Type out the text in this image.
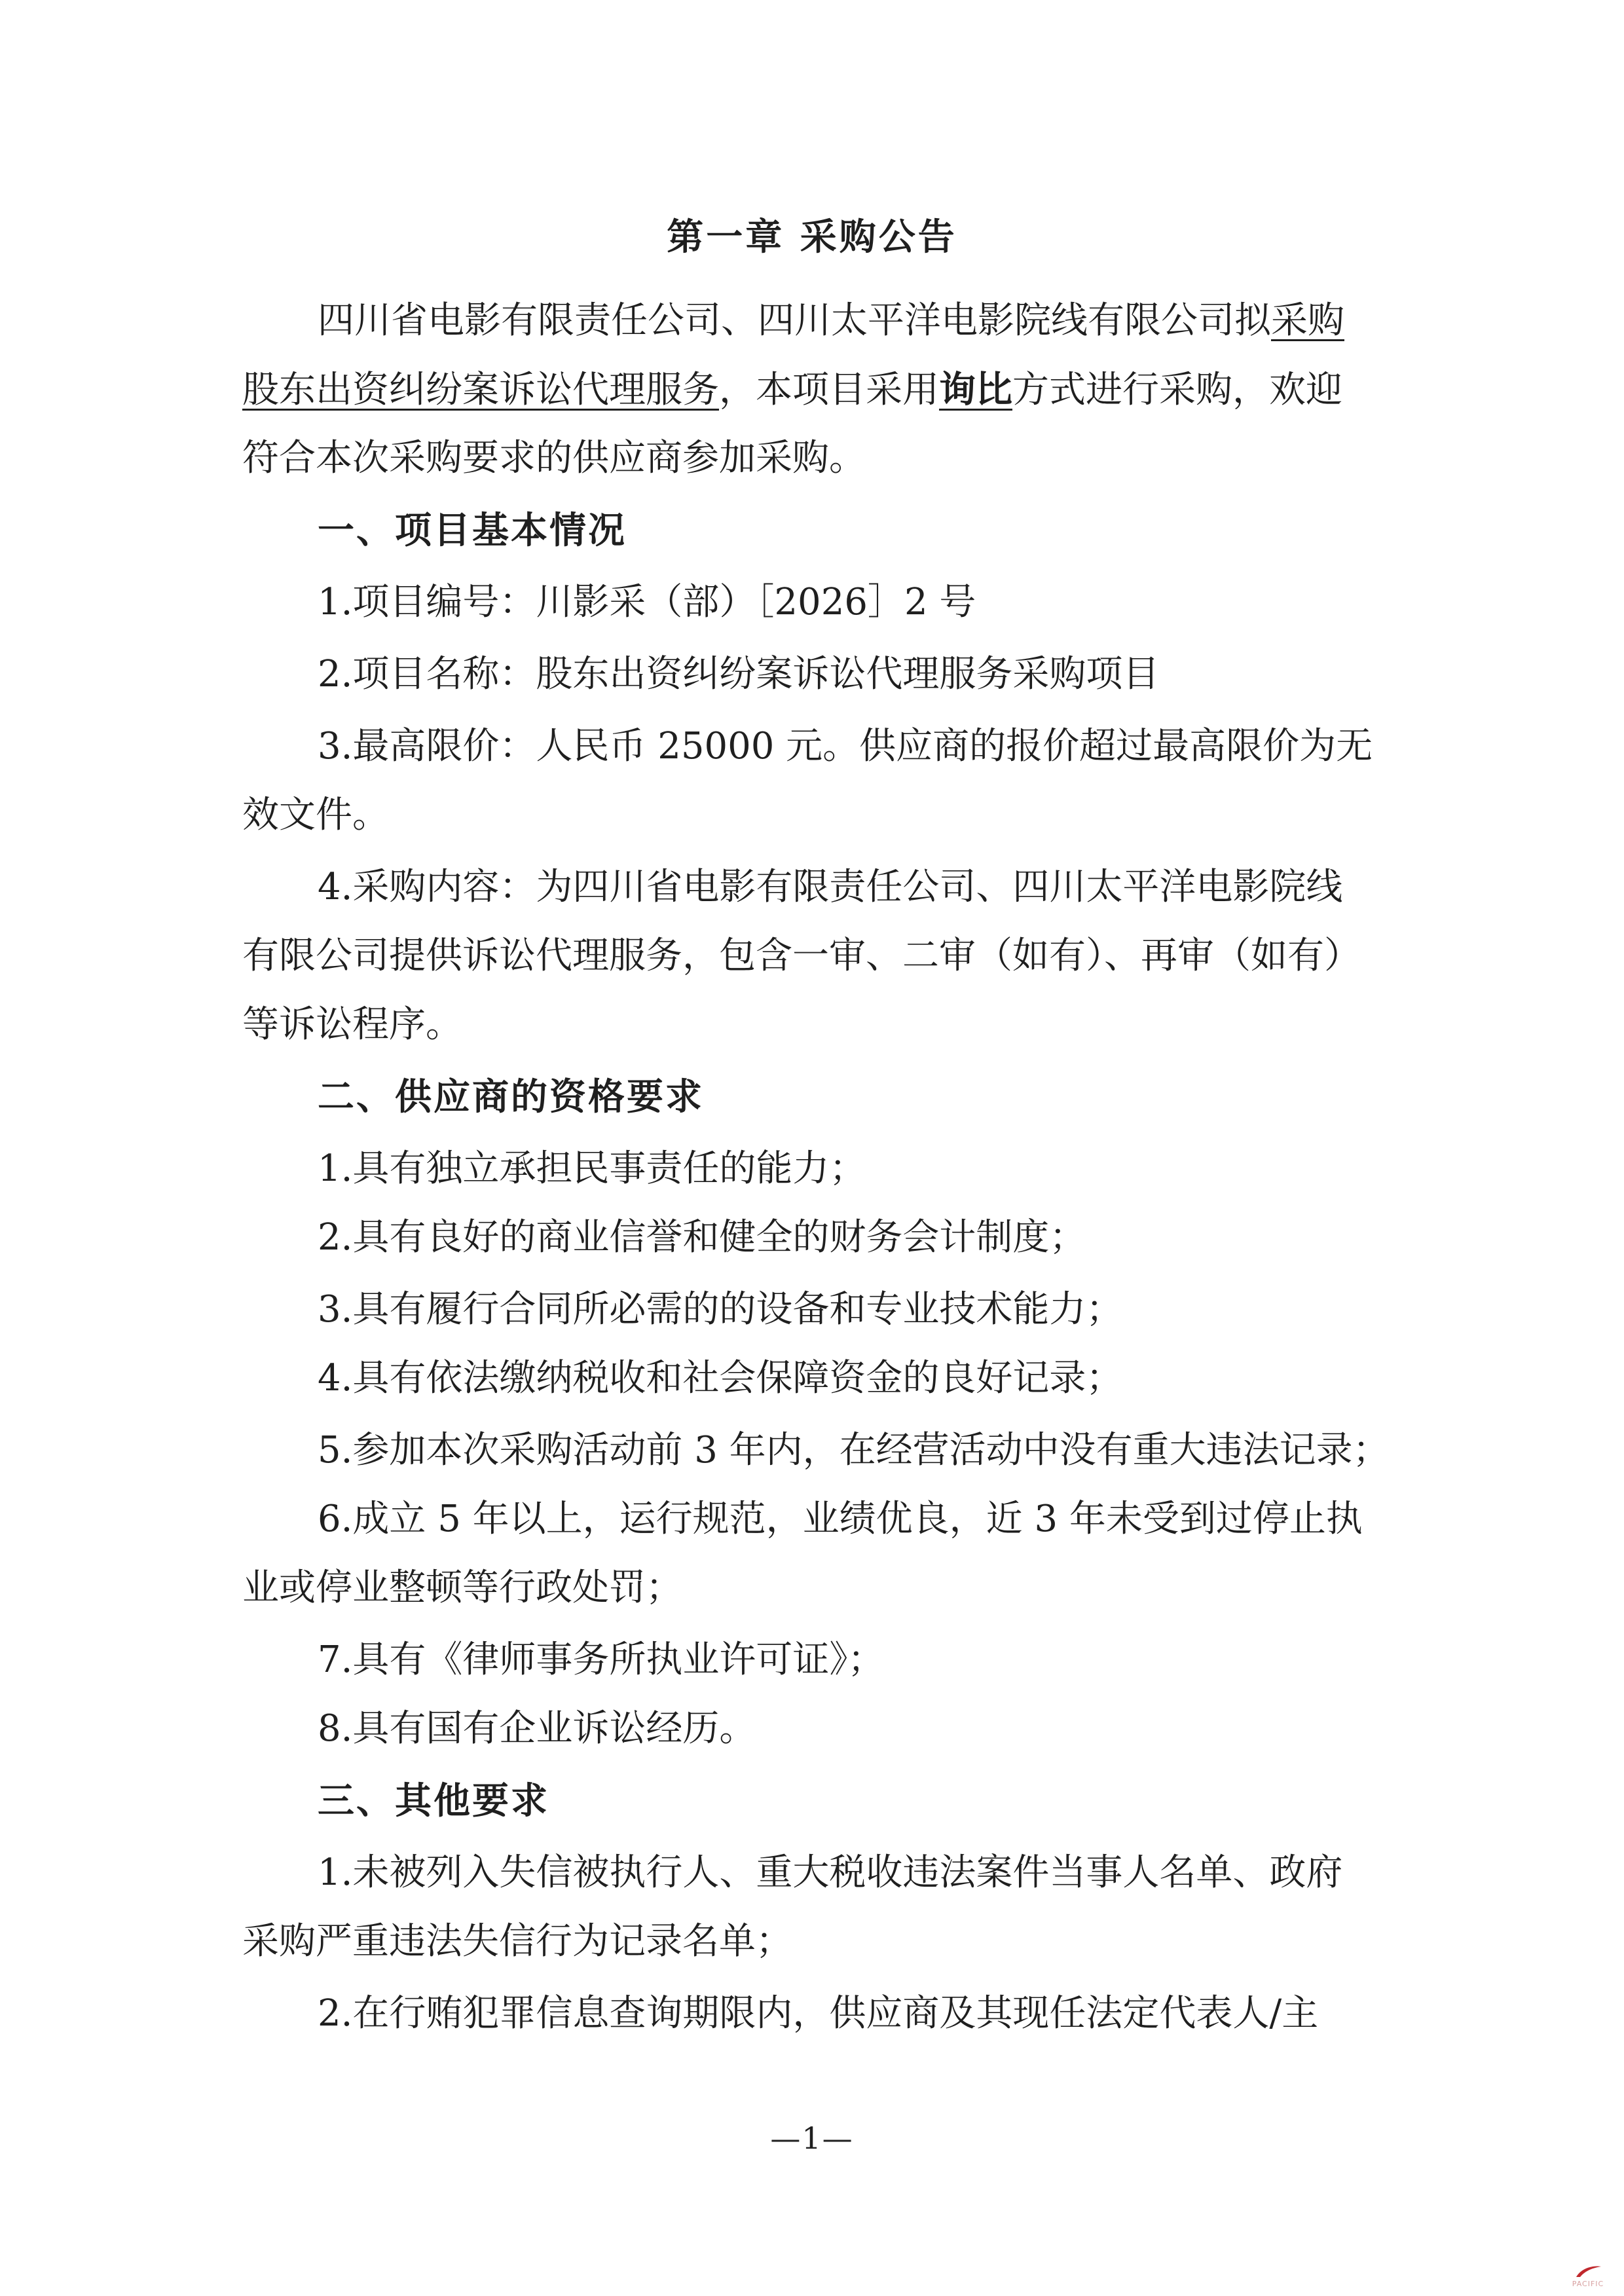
第一章 采购公告
四川省电影有限责任公司、四川太平洋电影院线有限公司拟采购
股东出资纠纷案诉讼代理服务，本项目采用询比方式进行采购，欢迎
符合本次采购要求的供应商参加采购。
一、项目基本情况
1.项目编号：川影采（部）［2026］2 号
2.项目名称：股东出资纠纷案诉讼代理服务采购项目
3.最高限价：人民币 25000 元。供应商的报价超过最高限价为无
效文件。
4.采购内容：为四川省电影有限责任公司、四川太平洋电影院线
有限公司提供诉讼代理服务，包含一审、二审（如有）、再审（如有）
等诉讼程序。
二、供应商的资格要求
1.具有独立承担民事责任的能力；
2.具有良好的商业信誉和健全的财务会计制度；
3.具有履行合同所必需的的设备和专业技术能力；
4.具有依法缴纳税收和社会保障资金的良好记录；
5.参加本次采购活动前 3 年内，在经营活动中没有重大违法记录；
6.成立 5 年以上，运行规范，业绩优良，近 3 年未受到过停止执
业或停业整顿等行政处罚；
7.具有《律师事务所执业许可证》；
8.具有国有企业诉讼经历。
三、其他要求
1.未被列入失信被执行人、重大税收违法案件当事人名单、政府
采购严重违法失信行为记录名单；
2.在行贿犯罪信息查询期限内，供应商及其现任法定代表人/主
—1—
PACIFIC
